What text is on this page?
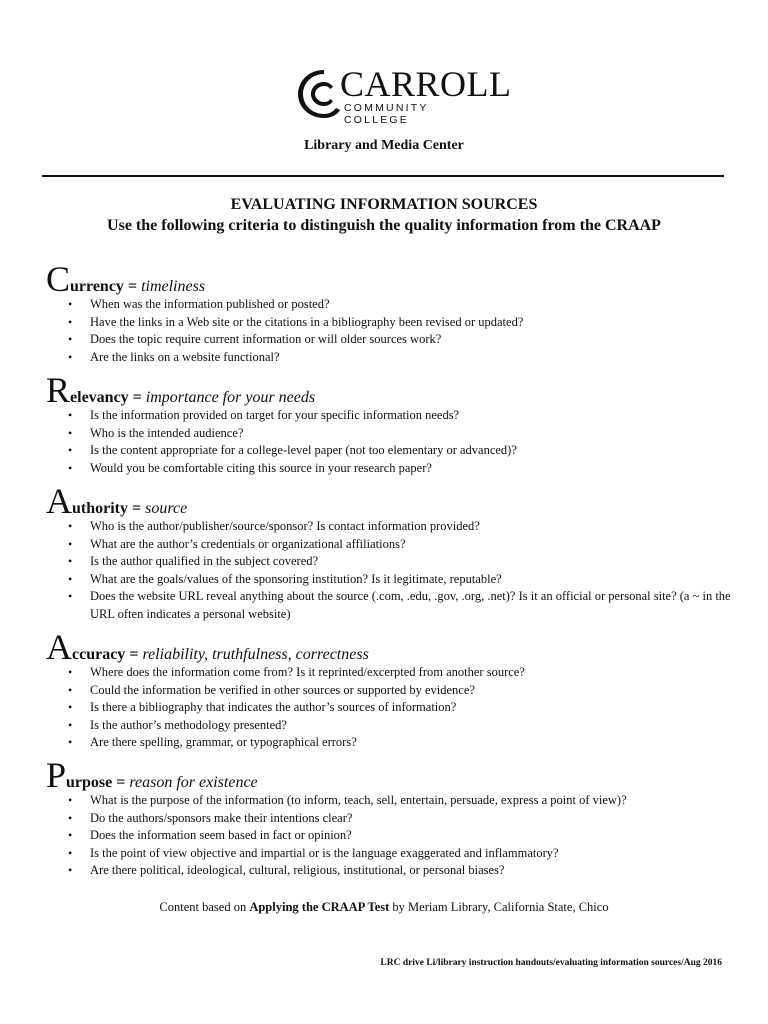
CARROLL
COMMUNITY COLLEGE
Library and Media Center
EVALUATING INFORMATION SOURCES
Use the following criteria to distinguish the quality information from the CRAAP
Currency = timeliness
• When was the information published or posted?
• Have the links in a Web site or the citations in a bibliography been revised or updated?
• Does the topic require current information or will older sources work?
• Are the links on a website functional?
Relevancy = importance for your needs
• Is the information provided on target for your specific information needs?
• Who is the intended audience?
• Is the content appropriate for a college-level paper (not too elementary or advanced)?
• Would you be comfortable citing this source in your research paper?
Authority = source
• Who is the author/publisher/source/sponsor? Is contact information provided?
• What are the author’s credentials or organizational affiliations?
• Is the author qualified in the subject covered?
• What are the goals/values of the sponsoring institution? Is it legitimate, reputable?
• Does the website URL reveal anything about the source (.com, .edu, .gov, .org, .net)? Is it an official or personal site? (a ~ in the URL often indicates a personal website)
Accuracy = reliability, truthfulness, correctness
• Where does the information come from? Is it reprinted/excerpted from another source?
• Could the information be verified in other sources or supported by evidence?
• Is there a bibliography that indicates the author’s sources of information?
• Is the author’s methodology presented?
• Are there spelling, grammar, or typographical errors?
Purpose = reason for existence
• What is the purpose of the information (to inform, teach, sell, entertain, persuade, express a point of view)?
• Do the authors/sponsors make their intentions clear?
• Does the information seem based in fact or opinion?
• Is the point of view objective and impartial or is the language exaggerated and inflammatory?
• Are there political, ideological, cultural, religious, institutional, or personal biases?
Content based on Applying the CRAAP Test by Meriam Library, California State, Chico
LRC drive Li/library instruction handouts/evaluating information sources/Aug 2016
